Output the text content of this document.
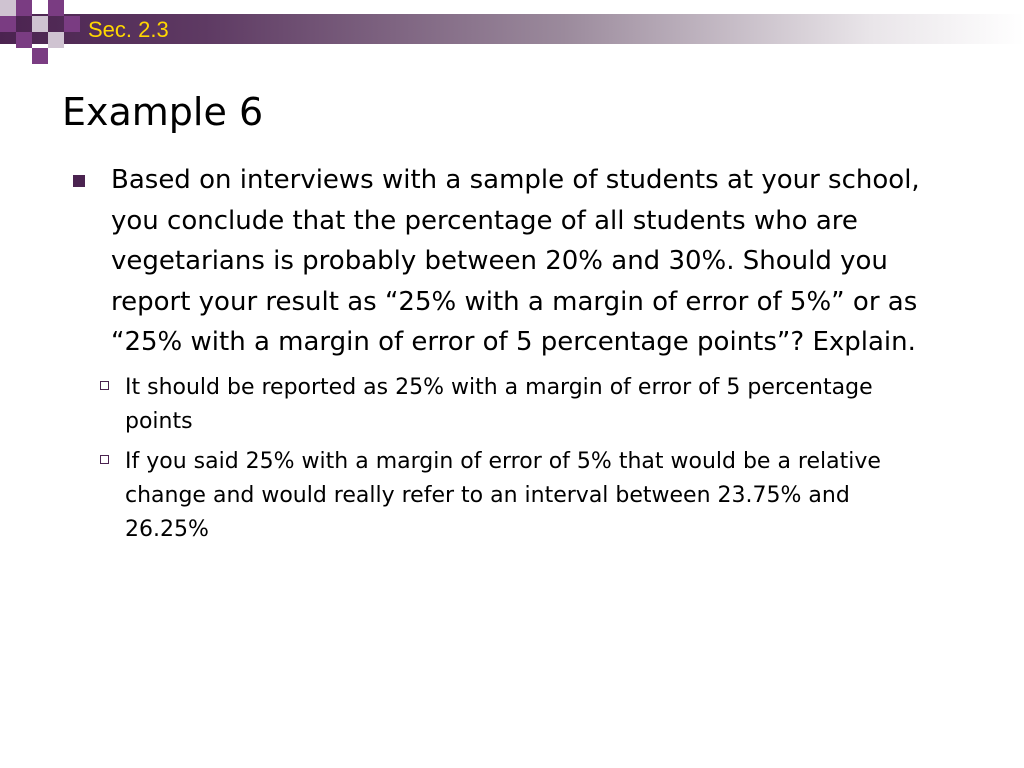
Sec. 2.3
Example 6
Based on interviews with a sample of students at your school, you conclude that the percentage of all students who are vegetarians is probably between 20% and 30%. Should you report your result as “25% with a margin of error of 5%” or as “25% with a margin of error of 5 percentage points”? Explain.
It should be reported as 25% with a margin of error of 5 percentage points
If you said 25% with a margin of error of 5% that would be a relative change and would really refer to an interval between 23.75% and 26.25%
